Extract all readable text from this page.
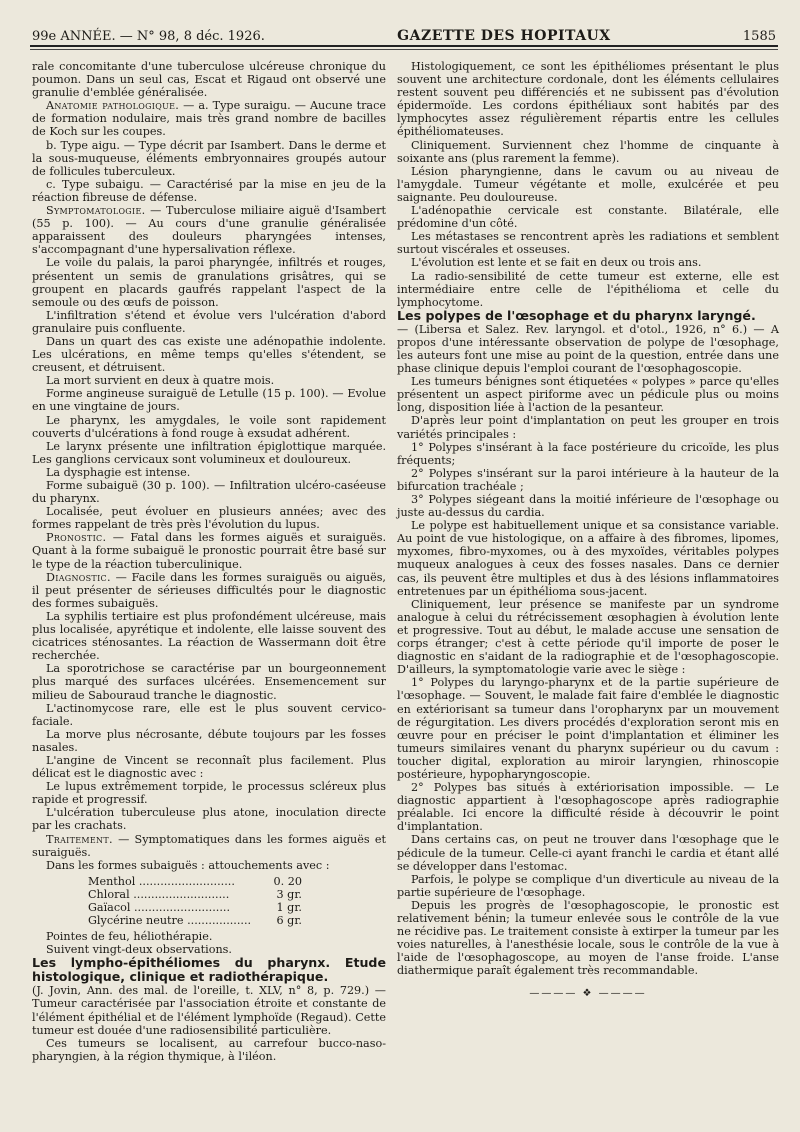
99e ANNÉE. — N° 98, 8 déc. 1926.	GAZETTE DES HOPITAUX	1585

rale concomitante d'une tuberculose ulcéreuse chronique du poumon. Dans un seul cas, Escat et Rigaud ont observé une granulie d'emblée généralisée.

Anatomie pathologique. — a. Type suraigu. — Aucune trace de formation nodulaire, mais très grand nombre de bacilles de Koch sur les coupes.

b. Type aigu. — Type décrit par Isambert. Dans le derme et la sous-muqueuse, éléments embryonnaires groupés autour de follicules tuberculeux.

c. Type subaigu. — Caractérisé par la mise en jeu de la réaction fibreuse de défense.

Symptomatologie. — Tuberculose miliaire aiguë d'Isambert (55 p. 100). — Au cours d'une granulie généralisée apparaissent des douleurs pharyngées intenses, s'accompagnant d'une hypersalivation réflexe.

Le voile du palais, la paroi pharyngée, infiltrés et rouges, présentent un semis de granulations grisâtres, qui se groupent en placards gaufrés rappelant l'aspect de la semoule ou des œufs de poisson.

L'infiltration s'étend et évolue vers l'ulcération d'abord granulaire puis confluente.

Dans un quart des cas existe une adénopathie indolente. Les ulcérations, en même temps qu'elles s'étendent, se creusent, et détruisent.

La mort survient en deux à quatre mois.

Forme angineuse suraiguë de Letulle (15 p. 100). — Evolue en une vingtaine de jours.

Le pharynx, les amygdales, le voile sont rapidement couverts d'ulcérations à fond rouge à exsudat adhérent.

Le larynx présente une infiltration épiglottique marquée. Les ganglions cervicaux sont volumineux et douloureux.

La dysphagie est intense.

Forme subaiguë (30 p. 100). — Infiltration ulcéro-caséeuse du pharynx.

Localisée, peut évoluer en plusieurs années; avec des formes rappelant de très près l'évolution du lupus.

Pronostic. — Fatal dans les formes aiguës et suraiguës. Quant à la forme subaiguë le pronostic pourrait être basé sur le type de la réaction tuberculinique.

Diagnostic. — Facile dans les formes suraiguës ou aiguës, il peut présenter de sérieuses difficultés pour le diagnostic des formes subaiguës.

La syphilis tertiaire est plus profondément ulcéreuse, mais plus localisée, apyrétique et indolente, elle laisse souvent des cicatrices sténosantes. La réaction de Wassermann doit être recherchée.

La sporotrichose se caractérise par un bourgeonnement plus marqué des surfaces ulcérées. Ensemencement sur milieu de Sabouraud tranche le diagnostic.

L'actinomycose rare, elle est le plus souvent cervico-faciale.

La morve plus nécrosante, débute toujours par les fosses nasales.

L'angine de Vincent se reconnaît plus facilement. Plus délicat est le diagnostic avec :

Le lupus extrêmement torpide, le processus scléreux plus rapide et progressif.

L'ulcération tuberculeuse plus atone, inoculation directe par les crachats.

Traitement. — Symptomatiques dans les formes aiguës et suraiguës.

Dans les formes subaiguës : attouchements avec :

Menthol ...........................	0. 20
Chloral ...........................	3 gr.
Gaïacol ...........................	1 gr.
Glycérine neutre ..................	6 gr.

Pointes de feu, héliothérapie.

Suivent vingt-deux observations.

Les lympho-épithéliomes du pharynx. Etude histologique, clinique et radiothérapique.

(J. Jovin, Ann. des mal. de l'oreille, t. XLV, n° 8, p. 729.) — Tumeur caractérisée par l'association étroite et constante de l'élément épithélial et de l'élément lymphoïde (Regaud). Cette tumeur est douée d'une radiosensibilité particulière.

Ces tumeurs se localisent, au carrefour bucco-naso-pharyngien, à la région thymique, à l'iléon.

Histologiquement, ce sont les épithéliomes présentant le plus souvent une architecture cordonale, dont les éléments cellulaires restent souvent peu différenciés et ne subissent pas d'évolution épidermoïde. Les cordons épithéliaux sont habités par des lymphocytes assez régulièrement répartis entre les cellules épithéliomateuses.

Cliniquement. Surviennent chez l'homme de cinquante à soixante ans (plus rarement la femme).

Lésion pharyngienne, dans le cavum ou au niveau de l'amygdale. Tumeur végétante et molle, exulcérée et peu saignante. Peu douloureuse.

L'adénopathie cervicale est constante. Bilatérale, elle prédomine d'un côté.

Les métastases se rencontrent après les radiations et semblent surtout viscérales et osseuses.

L'évolution est lente et se fait en deux ou trois ans.

La radio-sensibilité de cette tumeur est externe, elle est intermédiaire entre celle de l'épithélioma et celle du lymphocytome.

Les polypes de l'œsophage et du pharynx laryngé.

— (Libersa et Salez. Rev. laryngol. et d'otol., 1926, n° 6.) — A propos d'une intéressante observation de polype de l'œsophage, les auteurs font une mise au point de la question, entrée dans une phase clinique depuis l'emploi courant de l'œsophagoscopie.

Les tumeurs bénignes sont étiquetées « polypes » parce qu'elles présentent un aspect piriforme avec un pédicule plus ou moins long, disposition liée à l'action de la pesanteur.

D'après leur point d'implantation on peut les grouper en trois variétés principales :

1° Polypes s'insérant à la face postérieure du cricoïde, les plus fréquents;

2° Polypes s'insérant sur la paroi intérieure à la hauteur de la bifurcation trachéale ;

3° Polypes siégeant dans la moitié inférieure de l'œsophage ou juste au-dessus du cardia.

Le polype est habituellement unique et sa consistance variable. Au point de vue histologique, on a affaire à des fibromes, lipomes, myxomes, fibro-myxomes, ou à des myxoïdes, véritables polypes muqueux analogues à ceux des fosses nasales. Dans ce dernier cas, ils peuvent être multiples et dus à des lésions inflammatoires entretenues par un épithélioma sous-jacent.

Cliniquement, leur présence se manifeste par un syndrome analogue à celui du rétrécissement œsophagien à évolution lente et progressive. Tout au début, le malade accuse une sensation de corps étranger; c'est à cette période qu'il importe de poser le diagnostic en s'aidant de la radiographie et de l'œsophagoscopie. D'ailleurs, la symptomatologie varie avec le siège :

1° Polypes du laryngo-pharynx et de la partie supérieure de l'œsophage. — Souvent, le malade fait faire d'emblée le diagnostic en extériorisant sa tumeur dans l'oropharynx par un mouvement de régurgitation. Les divers procédés d'exploration seront mis en œuvre pour en préciser le point d'implantation et éliminer les tumeurs similaires venant du pharynx supérieur ou du cavum : toucher digital, exploration au miroir laryngien, rhinoscopie postérieure, hypopharyngoscopie.

2° Polypes bas situés à extériorisation impossible. — Le diagnostic appartient à l'œsophagoscope après radiographie préalable. Ici encore la difficulté réside à découvrir le point d'implantation.

Dans certains cas, on peut ne trouver dans l'œsophage que le pédicule de la tumeur. Celle-ci ayant franchi le cardia et étant allé se développer dans l'estomac.

Parfois, le polype se complique d'un diverticule au niveau de la partie supérieure de l'œsophage.

Depuis les progrès de l'œsophagoscopie, le pronostic est relativement bénin; la tumeur enlevée sous le contrôle de la vue ne récidive pas. Le traitement consiste à extirper la tumeur par les voies naturelles, à l'anesthésie locale, sous le contrôle de la vue à l'aide de l'œsophagoscope, au moyen de l'anse froide. L'anse diathermique paraît également très recommandable.

———— ❖ ————
